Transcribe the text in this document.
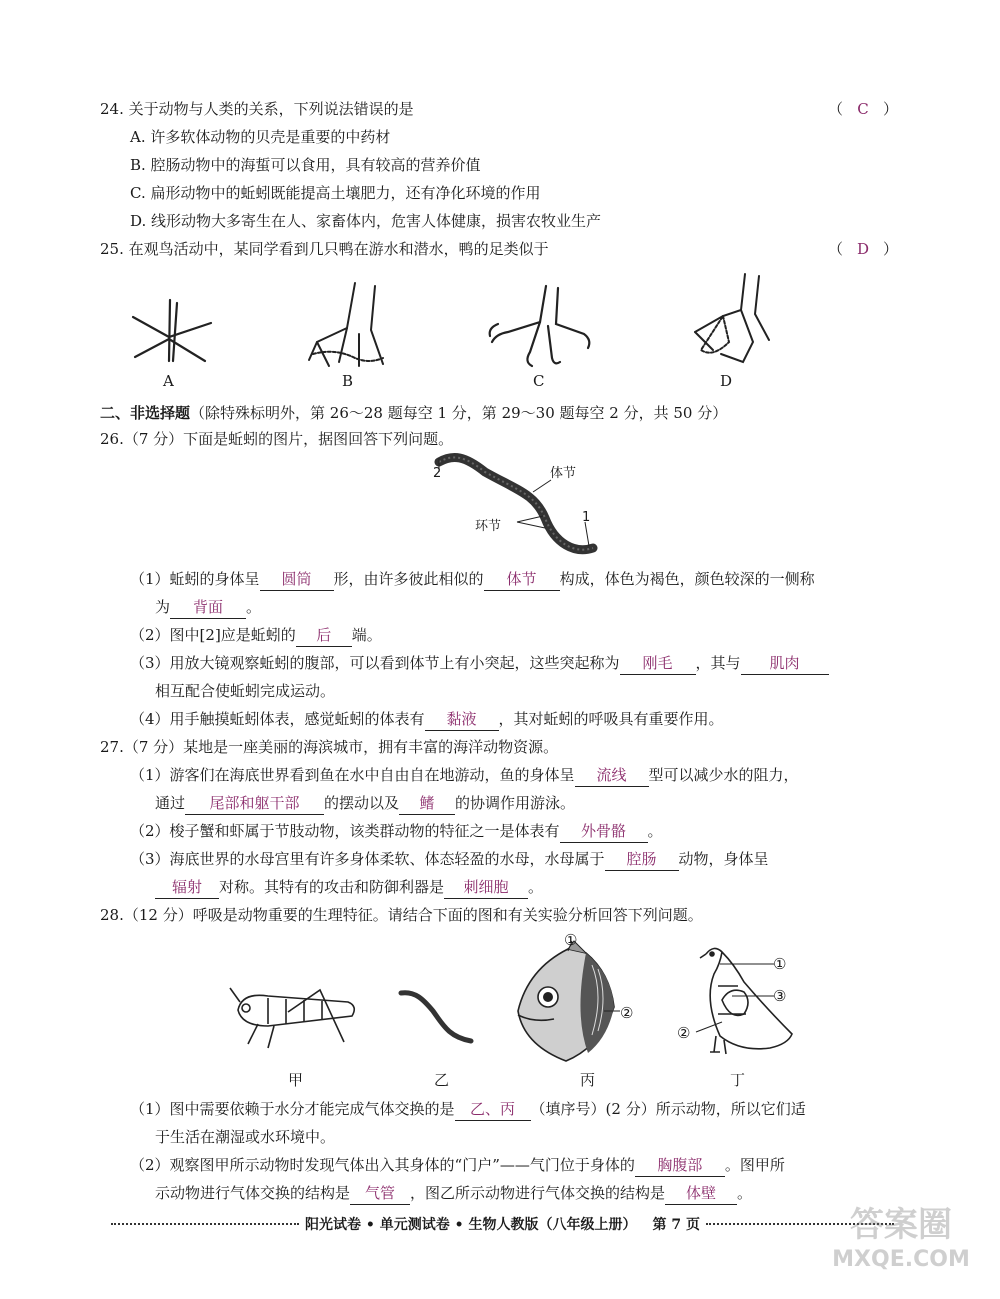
24. 关于动物与人类的关系，下列说法错误的是	（ C ）
A. 许多软体动物的贝壳是重要的中药材
B. 腔肠动物中的海蜇可以食用，具有较高的营养价值
C. 扁形动物中的蚯蚓既能提高土壤肥力，还有净化环境的作用
D. 线形动物大多寄生在人、家畜体内，危害人体健康，损害农牧业生产
25. 在观鸟活动中，某同学看到几只鸭在游水和潜水，鸭的足类似于	（ D ）
A	B	C	D
二、非选择题（除特殊标明外，第 26～28 题每空 1 分，第 29～30 题每空 2 分，共 50 分）
26.（7 分）下面是蚯蚓的图片，据图回答下列问题。
2	体节
环节
1
（1）蚯蚓的身体呈 圆筒 形，由许多彼此相似的 体节 构成，体色为褐色，颜色较深的一侧称
为 背面 。
（2）图中[2]应是蚯蚓的 后 端。
（3）用放大镜观察蚯蚓的腹部，可以看到体节上有小突起，这些突起称为 刚毛 ，其与 肌肉
相互配合使蚯蚓完成运动。
（4）用手触摸蚯蚓体表，感觉蚯蚓的体表有 黏液 ，其对蚯蚓的呼吸具有重要作用。
27.（7 分）某地是一座美丽的海滨城市，拥有丰富的海洋动物资源。
（1）游客们在海底世界看到鱼在水中自由自在地游动，鱼的身体呈 流线 型可以减少水的阻力，
通过 尾部和躯干部 的摆动以及 鳍 的协调作用游泳。
（2）梭子蟹和虾属于节肢动物，该类群动物的特征之一是体表有 外骨骼 。
（3）海底世界的水母宫里有许多身体柔软、体态轻盈的水母，水母属于 腔肠 动物，身体呈
辐射 对称。其特有的攻击和防御利器是 刺细胞 。
28.（12 分）呼吸是动物重要的生理特征。请结合下面的图和有关实验分析回答下列问题。
①
②
①
③
②
甲	乙	丙	丁
（1）图中需要依赖于水分才能完成气体交换的是 乙、丙 （填序号）(2 分）所示动物，所以它们适
于生活在潮湿或水环境中。
（2）观察图甲所示动物时发现气体出入其身体的“门户”——气门位于身体的 胸腹部 。图甲所
示动物进行气体交换的结构是 气管 ，图乙所示动物进行气体交换的结构是 体壁 。
阳光试卷 • 单元测试卷 • 生物人教版（八年级上册） 第 7 页	答案圈
MXQE.COM
